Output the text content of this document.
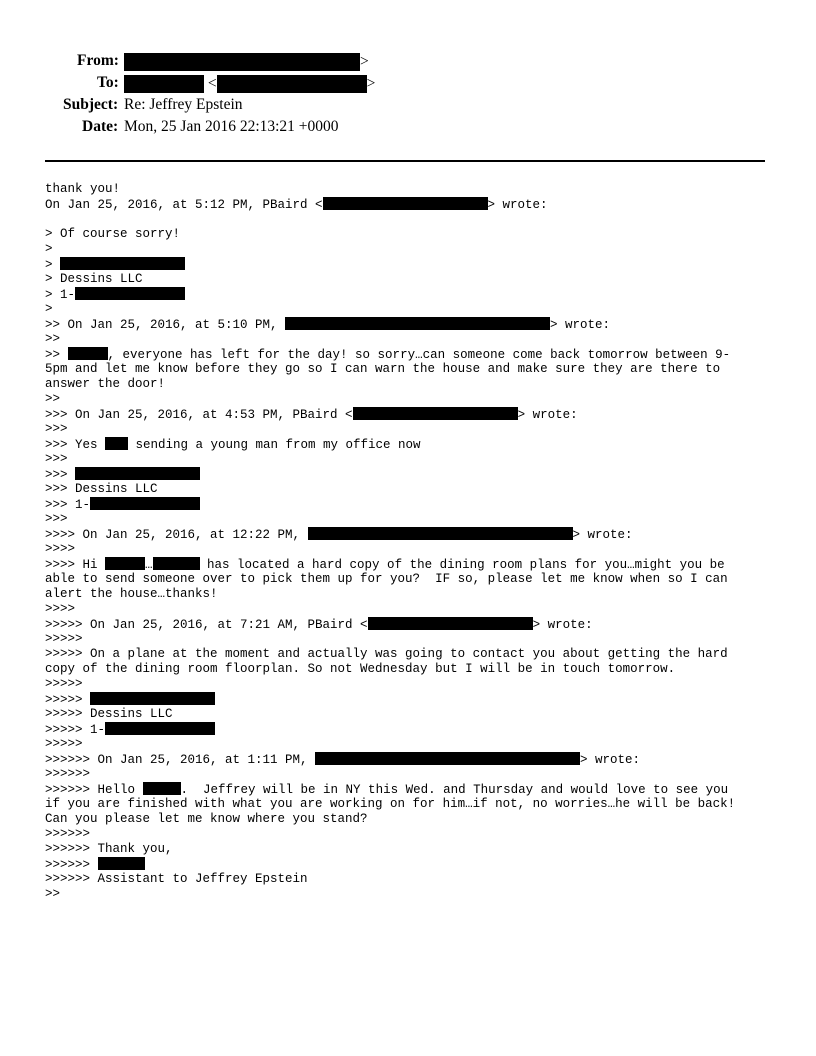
From:	>
To:	<	>
Subject: Re: Jeffrey Epstein
Date: Mon, 25 Jan 2016 22:13:21 +0000
thank you!
On Jan 25, 2016, at 5:12 PM, PBaird <	> wrote:
> Of course sorry!
>
>
> Dessins LLC
> 1-
>
>> On Jan 25, 2016, at 5:10 PM,	> wrote:
>>
>>	, everyone has left for the day! so sorry…can someone come back tomorrow between 9-
5pm and let me know before they go so I can warn the house and make sure they are there to
answer the door!
>>
>>> On Jan 25, 2016, at 4:53 PM, PBaird <	> wrote:
>>>
>>> Yes  sending a young man from my office now
>>>
>>>
>>> Dessins LLC
>>> 1-
>>>
>>>> On Jan 25, 2016, at 12:22 PM,	> wrote:
>>>>
>>>> Hi	…	has located a hard copy of the dining room plans for you…might you be
able to send someone over to pick them up for you?  IF so, please let me know when so I can
alert the house…thanks!
>>>>
>>>>> On Jan 25, 2016, at 7:21 AM, PBaird <	> wrote:
>>>>>
>>>>> On a plane at the moment and actually was going to contact you about getting the hard
copy of the dining room floorplan. So not Wednesday but I will be in touch tomorrow.
>>>>>
>>>>>
>>>>> Dessins LLC
>>>>> 1-
>>>>>
>>>>>> On Jan 25, 2016, at 1:11 PM,	> wrote:
>>>>>>
>>>>>> Hello	.  Jeffrey will be in NY this Wed. and Thursday and would love to see you
if you are finished with what you are working on for him…if not, no worries…he will be back!
Can you please let me know where you stand?
>>>>>>
>>>>>> Thank you,
>>>>>>
>>>>>> Assistant to Jeffrey Epstein
>>
